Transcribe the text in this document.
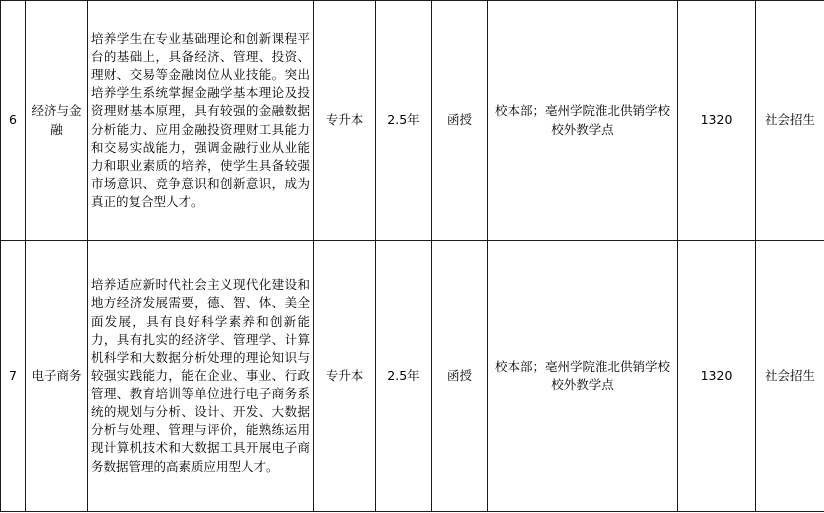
6	经济与金融	培养学生在专业基础理论和创新课程平台的基础上，具备经济、管理、投资、理财、交易等金融岗位从业技能。突出培养学生系统掌握金融学基本理论及投资理财基本原理，具有较强的金融数据分析能力、应用金融投资理财工具能力和交易实战能力，强调金融行业从业能力和职业素质的培养，使学生具备较强市场意识、竞争意识和创新意识，成为真正的复合型人才。	专升本	2.5年	函授	校本部；亳州学院淮北供销学校校外教学点	1320	社会招生
7	电子商务	培养适应新时代社会主义现代化建设和地方经济发展需要，德、智、体、美全面发展，具有良好科学素养和创新能力，具有扎实的经济学、管理学、计算机科学和大数据分析处理的理论知识与较强实践能力，能在企业、事业、行政管理、教育培训等单位进行电子商务系统的规划与分析、设计、开发、大数据分析与处理、管理与评价，能熟练运用现计算机技术和大数据工具开展电子商务数据管理的高素质应用型人才。	专升本	2.5年	函授	校本部；亳州学院淮北供销学校校外教学点	1320	社会招生
